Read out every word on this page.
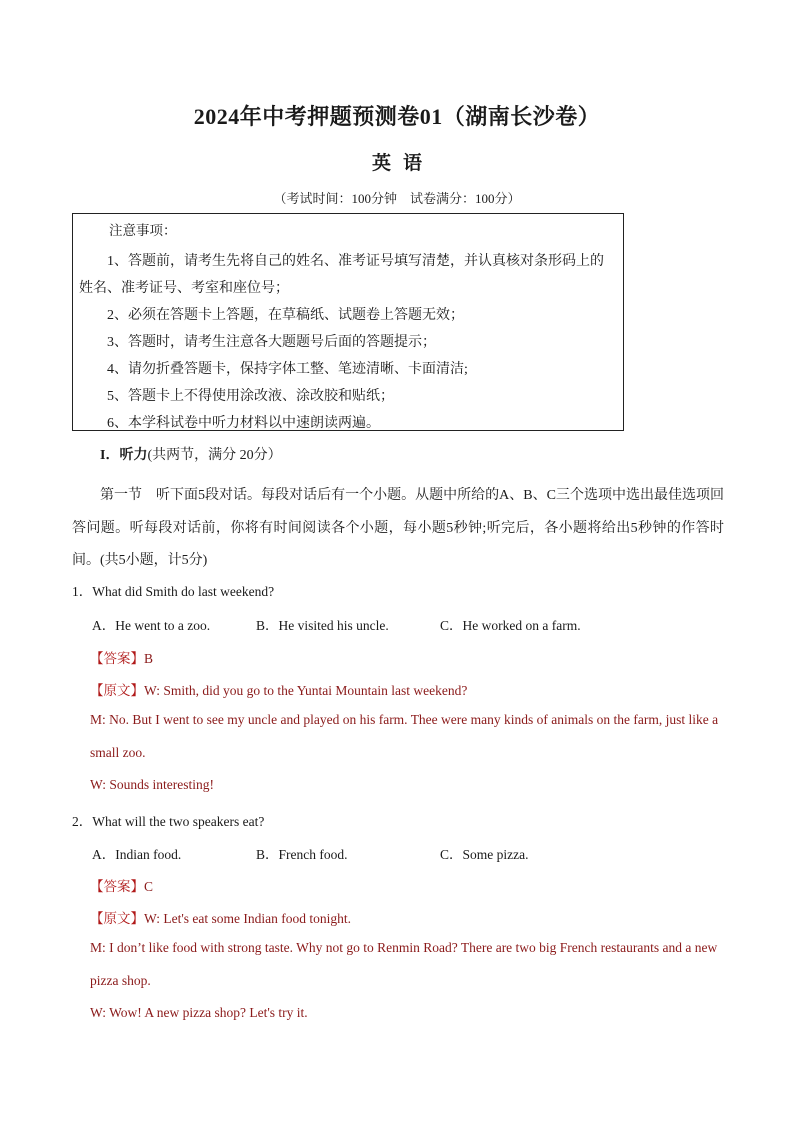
2024年中考押题预测卷01（湖南长沙卷）
英语
（考试时间：100分钟　试卷满分：100分）

注意事项：

1、答题前，请考生先将自己的姓名、准考证号填写清楚，并认真核对条形码上的姓名、准考证号、考室和座位号；

2、必须在答题卡上答题，在草稿纸、试题卷上答题无效；

3、答题时，请考生注意各大题题号后面的答题提示；

4、请勿折叠答题卡，保持字体工整、笔迹清晰、卡面清洁;

5、答题卡上不得使用涂改液、涂改胶和贴纸；

6、本学科试卷中听力材料以中速朗读两遍。

I．听力(共两节，满分 20分）
第一节　听下面5段对话。每段对话后有一个小题。从题中所给的A、B、C三个选项中选出最佳选项回答问题。听每段对话前，你将有时间阅读各个小题，每小题5秒钟;听完后，各小题将给出5秒钟的作答时间。(共5小题，计5分)
1．What did Smith do last weekend?
A．He went to a zoo.	B．He visited his uncle.	C．He worked on a farm.
【答案】B
【原文】W: Smith, did you go to the Yuntai Mountain last weekend?
M: No. But I went to see my uncle and played on his farm. Thee were many kinds of animals on the farm, just like a small zoo.
W: Sounds interesting!
2．What will the two speakers eat?
A．Indian food.	B．French food.	C．Some pizza.
【答案】C
【原文】W: Let's eat some Indian food tonight.
M: I don’t like food with strong taste. Why not go to Renmin Road? There are two big French restaurants and a new pizza shop.
W: Wow! A new pizza shop? Let's try it.
